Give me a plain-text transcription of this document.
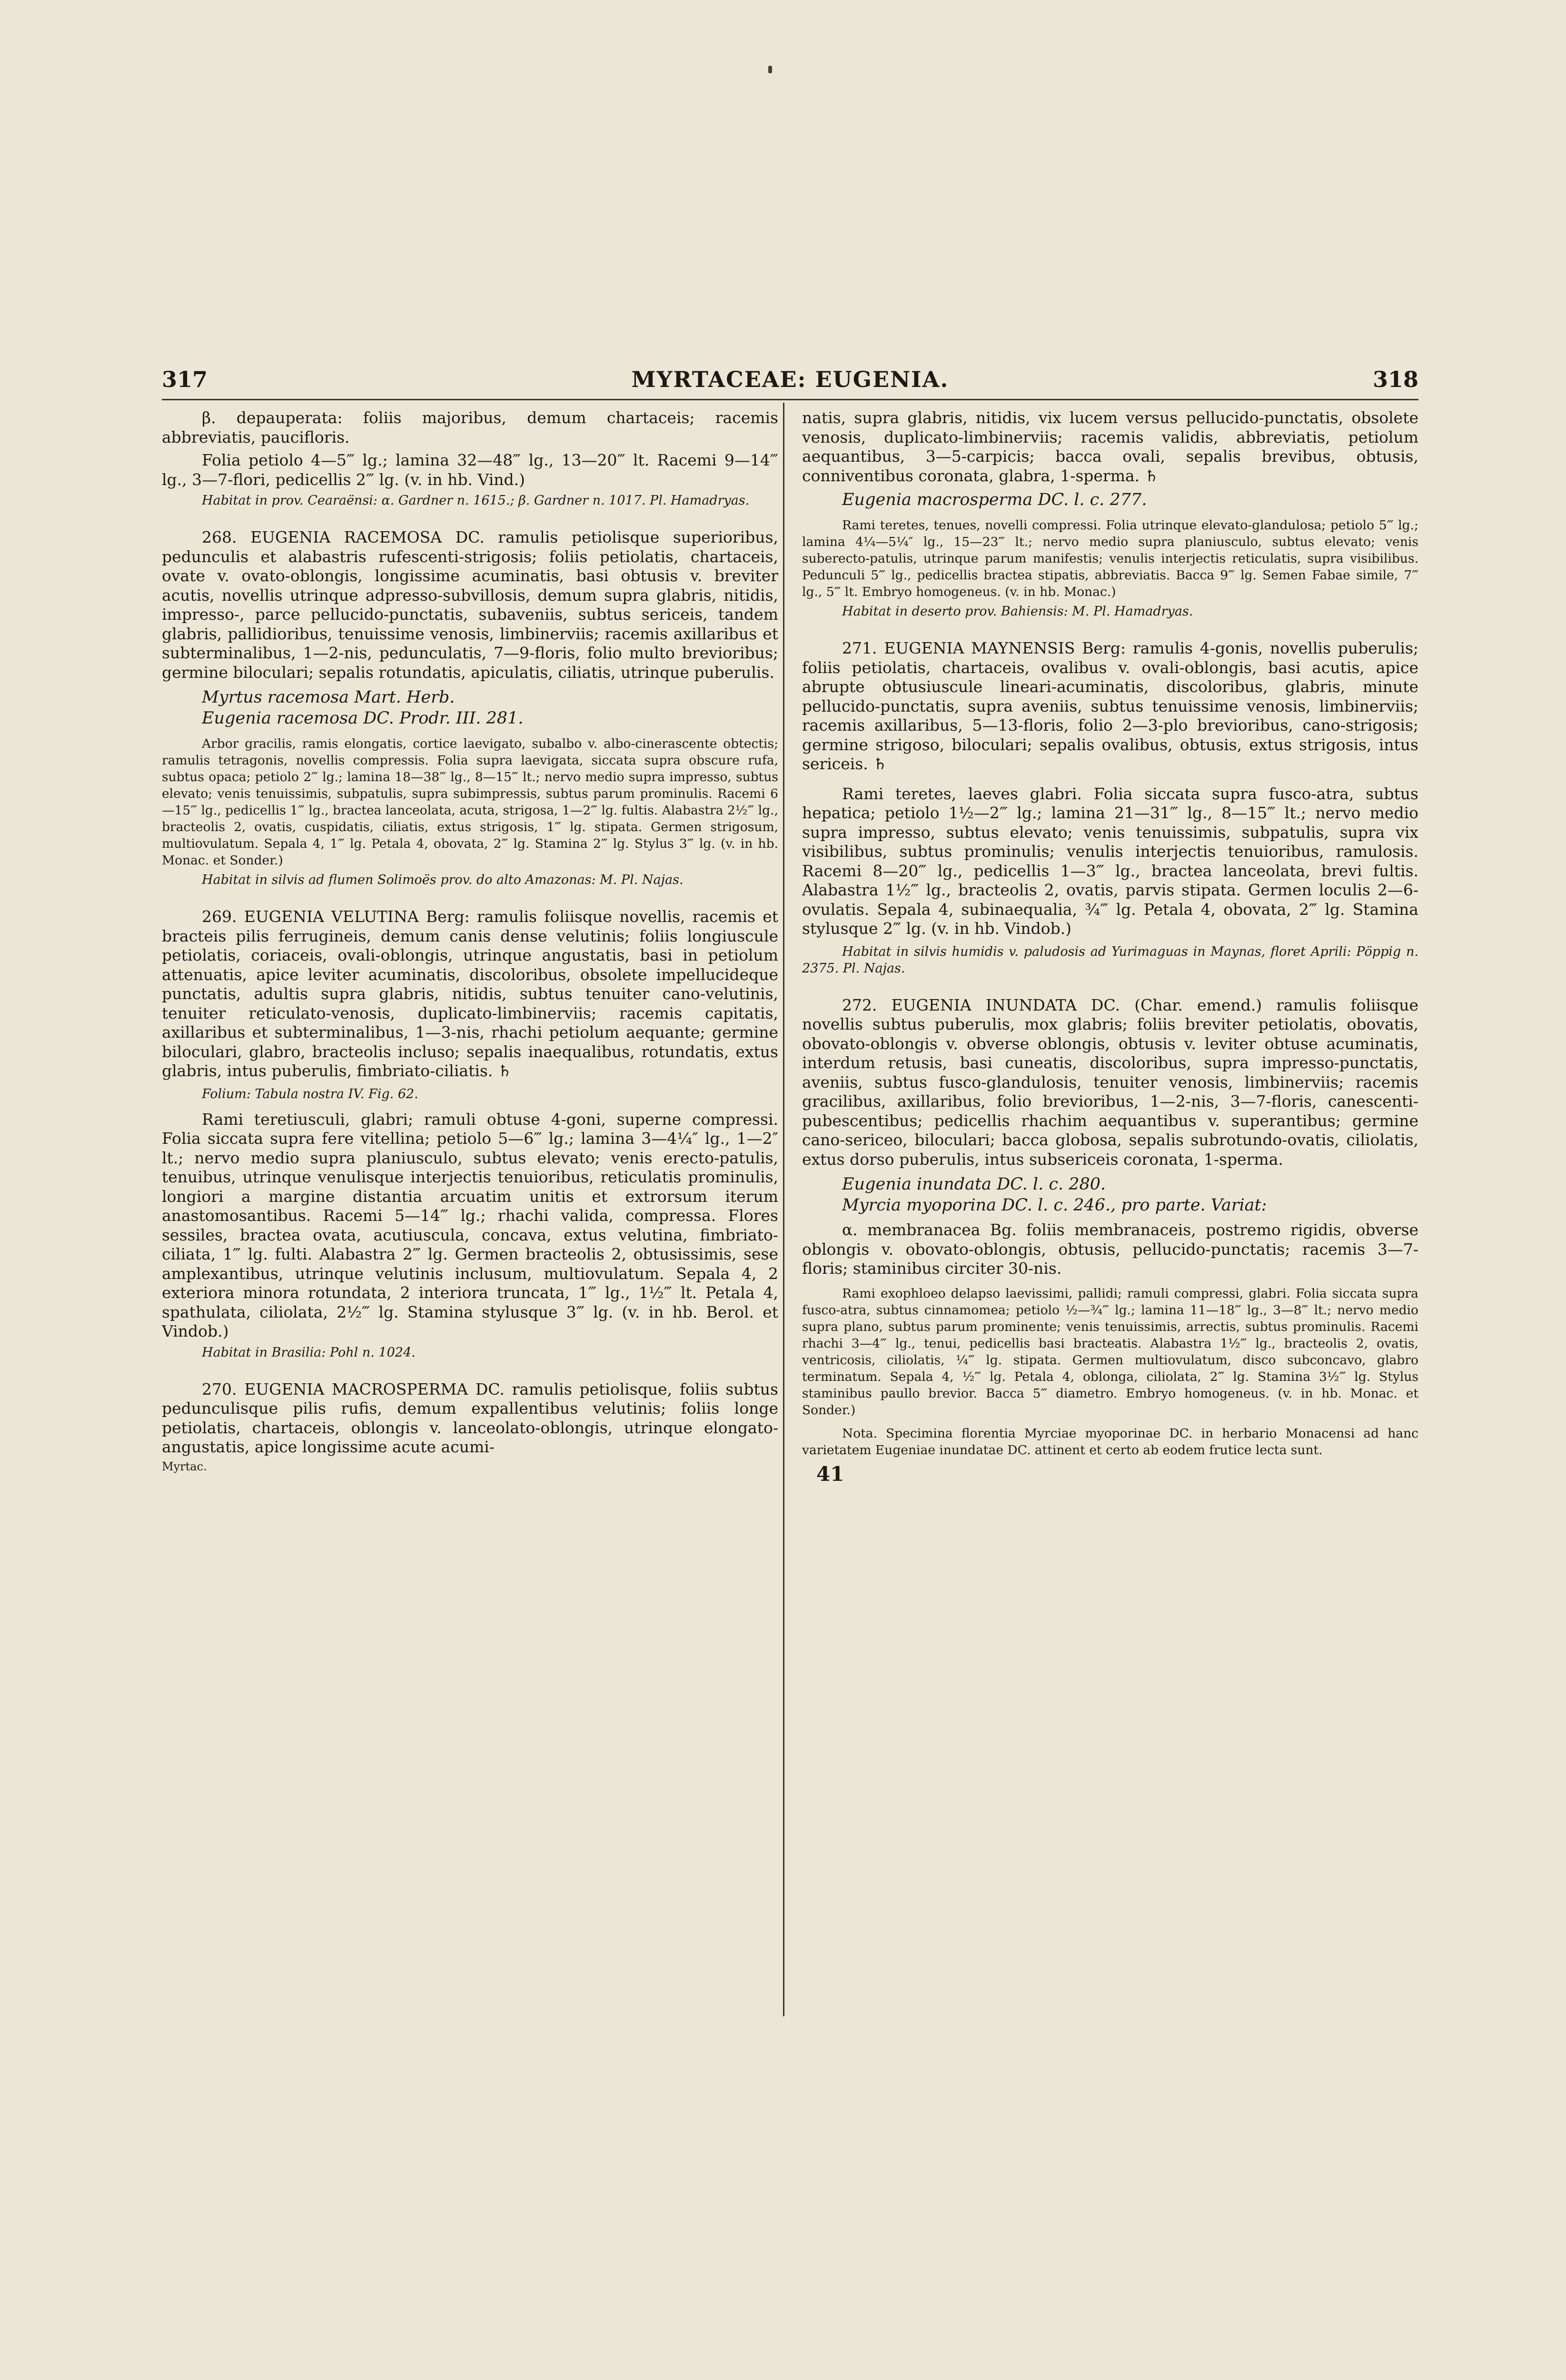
317	MYRTACEAE: EUGENIA.	318

β. depauperata: foliis majoribus, demum chartaceis; racemis abbreviatis, paucifloris.

Folia petiolo 4—5‴ lg.; lamina 32—48‴ lg., 13—20‴ lt. Racemi 9—14‴ lg., 3—7-flori, pedicellis 2‴ lg. (v. in hb. Vind.)

Habitat in prov. Cearaënsi: α. Gardner n. 1615.; β. Gardner n. 1017. Pl. Hamadryas.

268. EUGENIA RACEMOSA DC. ramulis petiolisque superioribus, pedunculis et alabastris rufescenti-strigosis; foliis petiolatis, chartaceis, ovate v. ovato-oblongis, longissime acuminatis, basi obtusis v. breviter acutis, novellis utrinque adpresso-subvillosis, demum supra glabris, nitidis, impresso-, parce pellucido-punctatis, subaveniis, subtus sericeis, tandem glabris, pallidioribus, tenuissime venosis, limbinerviis; racemis axillaribus et subterminalibus, 1—2-nis, pedunculatis, 7—9-floris, folio multo brevioribus; germine biloculari; sepalis rotundatis, apiculatis, ciliatis, utrinque puberulis.

Myrtus racemosa Mart. Herb.

Eugenia racemosa DC. Prodr. III. 281.

Arbor gracilis, ramis elongatis, cortice laevigato, subalbo v. albo-cinerascente obtectis; ramulis tetragonis, novellis compressis. Folia supra laevigata, siccata supra obscure rufa, subtus opaca; petiolo 2‴ lg.; lamina 18—38‴ lg., 8—15‴ lt.; nervo medio supra impresso, subtus elevato; venis tenuissimis, subpatulis, supra subimpressis, subtus parum prominulis. Racemi 6—15‴ lg., pedicellis 1‴ lg., bractea lanceolata, acuta, strigosa, 1—2‴ lg. fultis. Alabastra 2½‴ lg., bracteolis 2, ovatis, cuspidatis, ciliatis, extus strigosis, 1‴ lg. stipata. Germen strigosum, multiovulatum. Sepala 4, 1‴ lg. Petala 4, obovata, 2‴ lg. Stamina 2‴ lg. Stylus 3‴ lg. (v. in hb. Monac. et Sonder.)

Habitat in silvis ad flumen Solimoës prov. do alto Amazonas: M. Pl. Najas.

269. EUGENIA VELUTINA Berg: ramulis foliisque novellis, racemis et bracteis pilis ferrugineis, demum canis dense velutinis; foliis longiuscule petiolatis, coriaceis, ovali-oblongis, utrinque angustatis, basi in petiolum attenuatis, apice leviter acuminatis, discoloribus, obsolete impellucideque punctatis, adultis supra glabris, nitidis, subtus tenuiter cano-velutinis, tenuiter reticulato-venosis, duplicato-limbinerviis; racemis capitatis, axillaribus et subterminalibus, 1—3-nis, rhachi petiolum aequante; germine biloculari, glabro, bracteolis incluso; sepalis inaequalibus, rotundatis, extus glabris, intus puberulis, fimbriato-ciliatis. ♄

Folium: Tabula nostra IV. Fig. 62.

Rami teretiusculi, glabri; ramuli obtuse 4-goni, superne compressi. Folia siccata supra fere vitellina; petiolo 5—6‴ lg.; lamina 3—4¼″ lg., 1—2″ lt.; nervo medio supra planiusculo, subtus elevato; venis erecto-patulis, tenuibus, utrinque venulisque interjectis tenuioribus, reticulatis prominulis, longiori a margine distantia arcuatim unitis et extrorsum iterum anastomosantibus. Racemi 5—14‴ lg.; rhachi valida, compressa. Flores sessiles, bractea ovata, acutiuscula, concava, extus velutina, fimbriato-ciliata, 1‴ lg. fulti. Alabastra 2‴ lg. Germen bracteolis 2, obtusissimis, sese amplexantibus, utrinque velutinis inclusum, multiovulatum. Sepala 4, 2 exteriora minora rotundata, 2 interiora truncata, 1‴ lg., 1½‴ lt. Petala 4, spathulata, ciliolata, 2½‴ lg. Stamina stylusque 3‴ lg. (v. in hb. Berol. et Vindob.)

Habitat in Brasilia: Pohl n. 1024.

270. EUGENIA MACROSPERMA DC. ramulis petiolisque, foliis subtus pedunculisque pilis rufis, demum expallentibus velutinis; foliis longe petiolatis, chartaceis, oblongis v. lanceolato-oblongis, utrinque elongato-angustatis, apice longissime acute acumi-

Myrtac.

natis, supra glabris, nitidis, vix lucem versus pellucido-punctatis, obsolete venosis, duplicato-limbinerviis; racemis validis, abbreviatis, petiolum aequantibus, 3—5-carpicis; bacca ovali, sepalis brevibus, obtusis, conniventibus coronata, glabra, 1-sperma. ♄

Eugenia macrosperma DC. l. c. 277.

Rami teretes, tenues, novelli compressi. Folia utrinque elevato-glandulosa; petiolo 5‴ lg.; lamina 4¼—5¼″ lg., 15—23‴ lt.; nervo medio supra planiusculo, subtus elevato; venis suberecto-patulis, utrinque parum manifestis; venulis interjectis reticulatis, supra visibilibus. Pedunculi 5‴ lg., pedicellis bractea stipatis, abbreviatis. Bacca 9‴ lg. Semen Fabae simile, 7‴ lg., 5‴ lt. Embryo homogeneus. (v. in hb. Monac.)

Habitat in deserto prov. Bahiensis: M. Pl. Hamadryas.

271. EUGENIA MAYNENSIS Berg: ramulis 4-gonis, novellis puberulis; foliis petiolatis, chartaceis, ovalibus v. ovali-oblongis, basi acutis, apice abrupte obtusiuscule lineari-acuminatis, discoloribus, glabris, minute pellucido-punctatis, supra aveniis, subtus tenuissime venosis, limbinerviis; racemis axillaribus, 5—13-floris, folio 2—3-plo brevioribus, cano-strigosis; germine strigoso, biloculari; sepalis ovalibus, obtusis, extus strigosis, intus sericeis. ♄

Rami teretes, laeves glabri. Folia siccata supra fusco-atra, subtus hepatica; petiolo 1½—2‴ lg.; lamina 21—31‴ lg., 8—15‴ lt.; nervo medio supra impresso, subtus elevato; venis tenuissimis, subpatulis, supra vix visibilibus, subtus prominulis; venulis interjectis tenuioribus, ramulosis. Racemi 8—20‴ lg., pedicellis 1—3‴ lg., bractea lanceolata, brevi fultis. Alabastra 1½‴ lg., bracteolis 2, ovatis, parvis stipata. Germen loculis 2—6-ovulatis. Sepala 4, subinaequalia, ¾‴ lg. Petala 4, obovata, 2‴ lg. Stamina stylusque 2‴ lg. (v. in hb. Vindob.)

Habitat in silvis humidis v. paludosis ad Yurimaguas in Maynas, floret Aprili: Pöppig n. 2375. Pl. Najas.

272. EUGENIA INUNDATA DC. (Char. emend.) ramulis foliisque novellis subtus puberulis, mox glabris; foliis breviter petiolatis, obovatis, obovato-oblongis v. obverse oblongis, obtusis v. leviter obtuse acuminatis, interdum retusis, basi cuneatis, discoloribus, supra impresso-punctatis, aveniis, subtus fusco-glandulosis, tenuiter venosis, limbinerviis; racemis gracilibus, axillaribus, folio brevioribus, 1—2-nis, 3—7-floris, canescenti-pubescentibus; pedicellis rhachim aequantibus v. superantibus; germine cano-sericeo, biloculari; bacca globosa, sepalis subrotundo-ovatis, ciliolatis, extus dorso puberulis, intus subsericeis coronata, 1-sperma.

Eugenia inundata DC. l. c. 280.

Myrcia myoporina DC. l. c. 246., pro parte. Variat:

α. membranacea Bg. foliis membranaceis, postremo rigidis, obverse oblongis v. obovato-oblongis, obtusis, pellucido-punctatis; racemis 3—7-floris; staminibus circiter 30-nis.

Rami exophloeo delapso laevissimi, pallidi; ramuli compressi, glabri. Folia siccata supra fusco-atra, subtus cinnamomea; petiolo ½—¾‴ lg.; lamina 11—18‴ lg., 3—8‴ lt.; nervo medio supra plano, subtus parum prominente; venis tenuissimis, arrectis, subtus prominulis. Racemi rhachi 3—4‴ lg., tenui, pedicellis basi bracteatis. Alabastra 1½‴ lg., bracteolis 2, ovatis, ventricosis, ciliolatis, ¼‴ lg. stipata. Germen multiovulatum, disco subconcavo, glabro terminatum. Sepala 4, ½‴ lg. Petala 4, oblonga, ciliolata, 2‴ lg. Stamina 3½‴ lg. Stylus staminibus paullo brevior. Bacca 5‴ diametro. Embryo homogeneus. (v. in hb. Monac. et Sonder.)

Nota. Specimina florentia Myrciae myoporinae DC. in herbario Monacensi ad hanc varietatem Eugeniae inundatae DC. attinent et certo ab eodem frutice lecta sunt.

41
